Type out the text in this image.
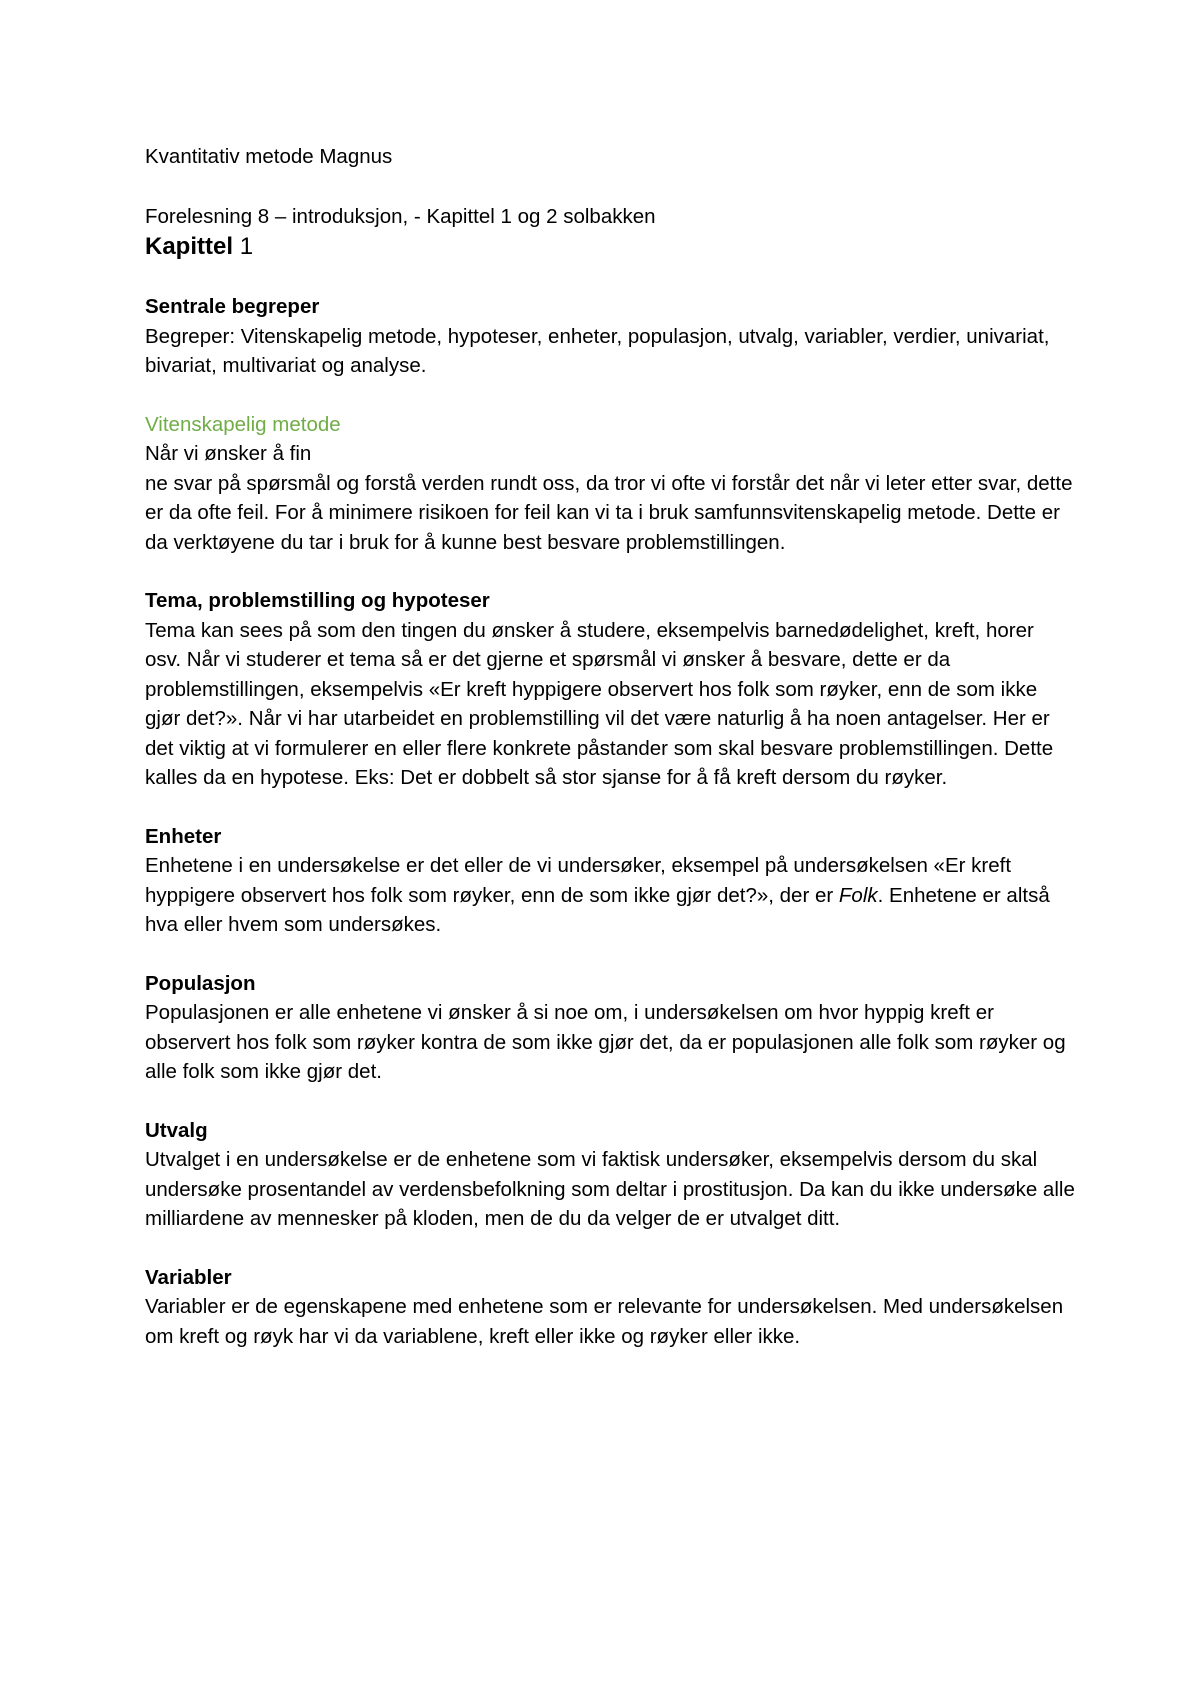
Kvantitativ metode Magnus

Forelesning 8 – introduksjon, - Kapittel 1 og 2 solbakken

Kapittel 1

Sentrale begreper

Begreper: Vitenskapelig metode, hypoteser, enheter, populasjon, utvalg, variabler, verdier, univariat, bivariat, multivariat og analyse.

Vitenskapelig metode

Når vi ønsker å fin

ne svar på spørsmål og forstå verden rundt oss, da tror vi ofte vi forstår det når vi leter etter svar, dette er da ofte feil. For å minimere risikoen for feil kan vi ta i bruk samfunnsvitenskapelig metode. Dette er da verktøyene du tar i bruk for å kunne best besvare problemstillingen.

Tema, problemstilling og hypoteser

Tema kan sees på som den tingen du ønsker å studere, eksempelvis barnedødelighet, kreft, horer osv. Når vi studerer et tema så er det gjerne et spørsmål vi ønsker å besvare, dette er da problemstillingen, eksempelvis «Er kreft hyppigere observert hos folk som røyker, enn de som ikke gjør det?». Når vi har utarbeidet en problemstilling vil det være naturlig å ha noen antagelser. Her er det viktig at vi formulerer en eller flere konkrete påstander som skal besvare problemstillingen. Dette kalles da en hypotese. Eks: Det er dobbelt så stor sjanse for å få kreft dersom du røyker.

Enheter

Enhetene i en undersøkelse er det eller de vi undersøker, eksempel på undersøkelsen «Er kreft hyppigere observert hos folk som røyker, enn de som ikke gjør det?», der er Folk. Enhetene er altså hva eller hvem som undersøkes.

Populasjon

Populasjonen er alle enhetene vi ønsker å si noe om, i undersøkelsen om hvor hyppig kreft er observert hos folk som røyker kontra de som ikke gjør det, da er populasjonen alle folk som røyker og alle folk som ikke gjør det.

Utvalg

Utvalget i en undersøkelse er de enhetene som vi faktisk undersøker, eksempelvis dersom du skal undersøke prosentandel av verdensbefolkning som deltar i prostitusjon. Da kan du ikke undersøke alle milliardene av mennesker på kloden, men de du da velger de er utvalget ditt.

Variabler

Variabler er de egenskapene med enhetene som er relevante for undersøkelsen. Med undersøkelsen om kreft og røyk har vi da variablene, kreft eller ikke og røyker eller ikke.
